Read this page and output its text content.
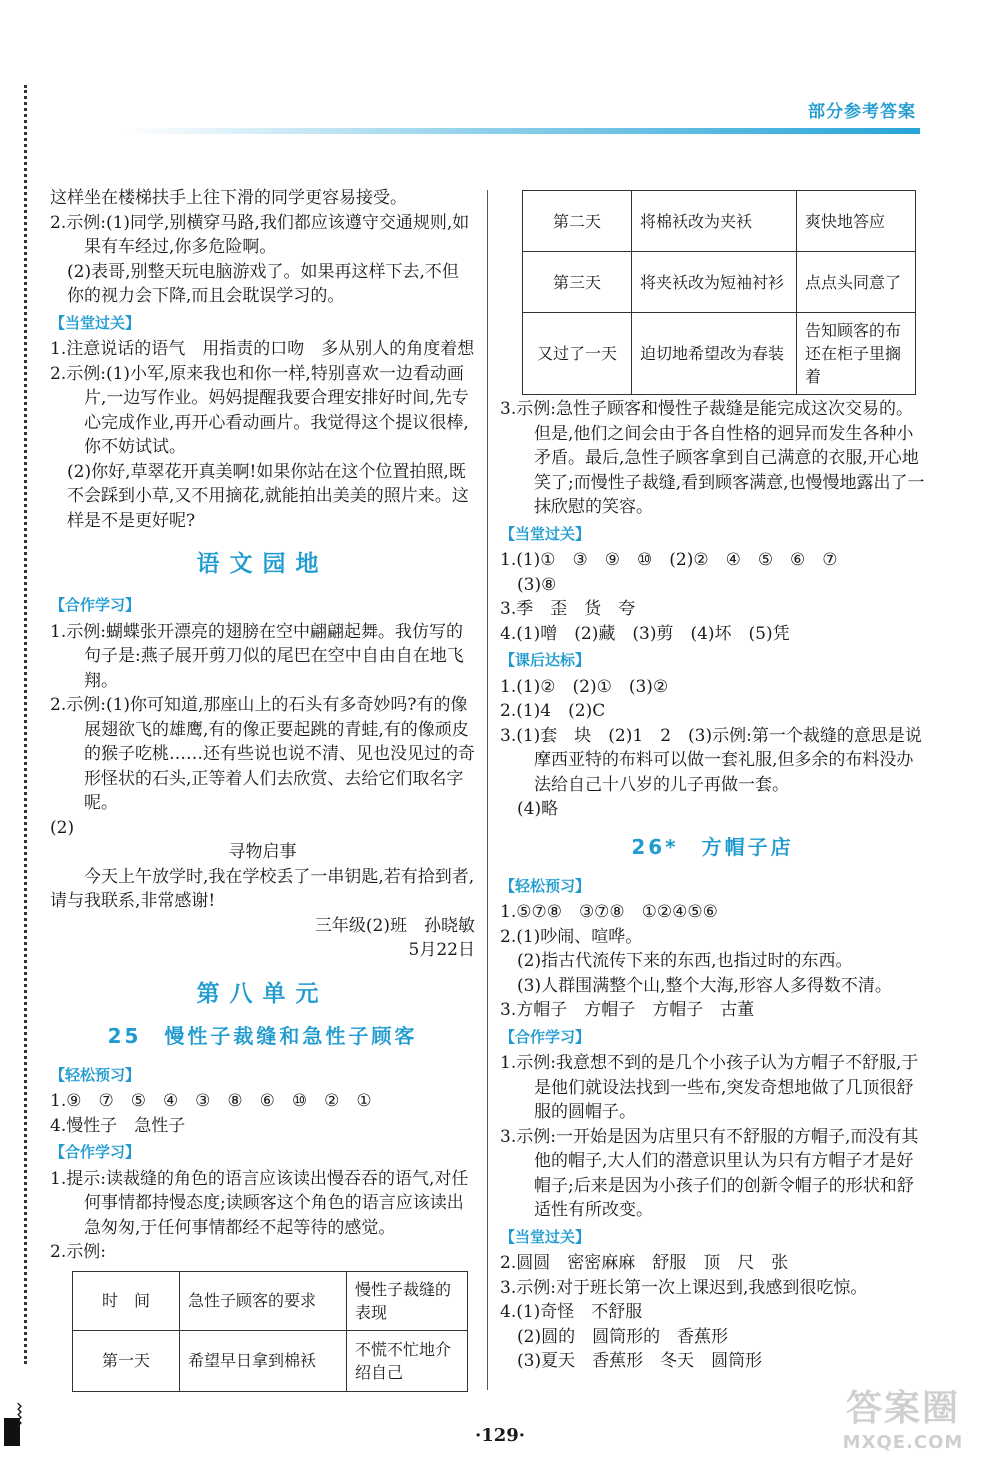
部分参考答案

这样坐在楼梯扶手上往下滑的同学更容易接受。

2.示例:(1)同学,别横穿马路,我们都应该遵守交通规则,如果有车经过,你多危险啊。

(2)表哥,别整天玩电脑游戏了。如果再这样下去,不但你的视力会下降,而且会耽误学习的。

【当堂过关】

1.注意说话的语气　用指责的口吻　多从别人的角度着想

2.示例:(1)小军,原来我也和你一样,特别喜欢一边看动画片,一边写作业。妈妈提醒我要合理安排好时间,先专心完成作业,再开心看动画片。我觉得这个提议很棒,你不妨试试。

(2)你好,草翠花开真美啊!如果你站在这个位置拍照,既不会踩到小草,又不用摘花,就能拍出美美的照片来。这样是不是更好呢?

语文园地
【合作学习】

1.示例:蝴蝶张开漂亮的翅膀在空中翩翩起舞。我仿写的句子是:燕子展开剪刀似的尾巴在空中自由自在地飞翔。

2.示例:(1)你可知道,那座山上的石头有多奇妙吗?有的像展翅欲飞的雄鹰,有的像正要起跳的青蛙,有的像顽皮的猴子吃桃……还有些说也说不清、见也没见过的奇形怪状的石头,正等着人们去欣赏、去给它们取名字呢。

(2)

寻物启事

今天上午放学时,我在学校丢了一串钥匙,若有拾到者,请与我联系,非常感谢!

三年级(2)班　孙晓敏

5月22日

第八单元
25　慢性子裁缝和急性子顾客
【轻松预习】

1.⑨　⑦　⑤　④　③　⑧　⑥　⑩　②　①

4.慢性子　急性子

【合作学习】

1.提示:读裁缝的角色的语言应该读出慢吞吞的语气,对任何事情都持慢态度;读顾客这个角色的语言应该读出急匆匆,于任何事情都经不起等待的感觉。

2.示例:

时　间	急性子顾客的要求	慢性子裁缝的表现
第一天	希望早日拿到棉袄	不慌不忙地介绍自己
第二天	将棉袄改为夹袄	爽快地答应
第三天	将夹袄改为短袖衬衫	点点头同意了
又过了一天	迫切地希望改为春装	告知顾客的布还在柜子里搁着

3.示例:急性子顾客和慢性子裁缝是能完成这次交易的。但是,他们之间会由于各自性格的迥异而发生各种小矛盾。最后,急性子顾客拿到自己满意的衣服,开心地笑了;而慢性子裁缝,看到顾客满意,也慢慢地露出了一抹欣慰的笑容。

【当堂过关】

1.(1)①　③　⑨　⑩　(2)②　④　⑤　⑥　⑦

(3)⑧

3.季　歪　货　夸

4.(1)噌　(2)藏　(3)剪　(4)坏　(5)凭

【课后达标】

1.(1)②　(2)①　(3)②

2.(1)4　(2)C

3.(1)套　块　(2)1　2　(3)示例:第一个裁缝的意思是说摩西亚特的布料可以做一套礼服,但多余的布料没办法给自己十八岁的儿子再做一套。

(4)略

26*　方帽子店
【轻松预习】

1.⑤⑦⑧　③⑦⑧　①②④⑤⑥

2.(1)吵闹、喧哗。

(2)指古代流传下来的东西,也指过时的东西。

(3)人群围满整个山,整个大海,形容人多得数不清。

3.方帽子　方帽子　方帽子　古董

【合作学习】

1.示例:我意想不到的是几个小孩子认为方帽子不舒服,于是他们就设法找到一些布,突发奇想地做了几顶很舒服的圆帽子。

3.示例:一开始是因为店里只有不舒服的方帽子,而没有其他的帽子,大人们的潜意识里认为只有方帽子才是好帽子;后来是因为小孩子们的创新令帽子的形状和舒适性有所改变。

【当堂过关】

2.圆圆　密密麻麻　舒服　顶　尺　张

3.示例:对于班长第一次上课迟到,我感到很吃惊。

4.(1)奇怪　不舒服

(2)圆的　圆筒形的　香蕉形

(3)夏天　香蕉形　冬天　圆筒形

⧘
·129·
答案圈
MXQE.COM
